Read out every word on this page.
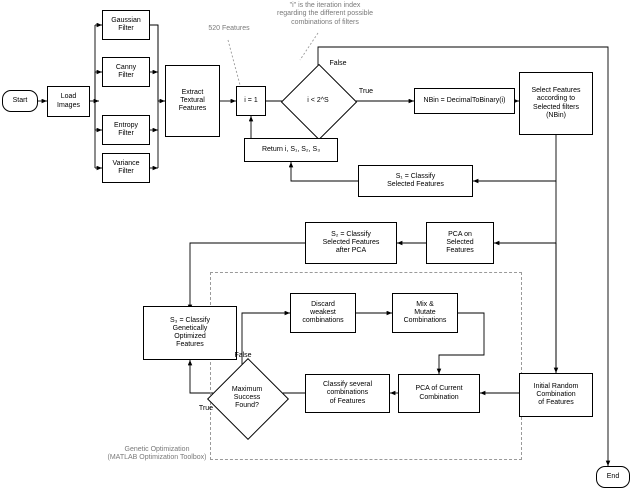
Start
Load
Images
Gaussian
Filter
Canny
Filter
Entropy
Filter
Variance
Filter
Extract
Textural
Features
i = 1	i < 2^S	NBin = DecimalToBinary(i)
Select Features
according to
Selected filters
(NBin)
S₁ = Classify
Selected Features
Return i, S₁, S₂, S₃
PCA on
Selected
Features
S₂ = Classify
Selected Features
after PCA
S₃ = Classify
Genetically
Optimized
Features
Discard
weakest
combinations
Mix &
Mutate
Combinations
Maximum
Success
Found?
Classify several
combinations
of Features
PCA of Current
Combination
Initial Random
Combination
of Features
End
False
True
False
True
520 Features
"i" is the iteration index
regarding the different possible
combinations of filters
Genetic Optimization
(MATLAB Optimization Toolbox)
